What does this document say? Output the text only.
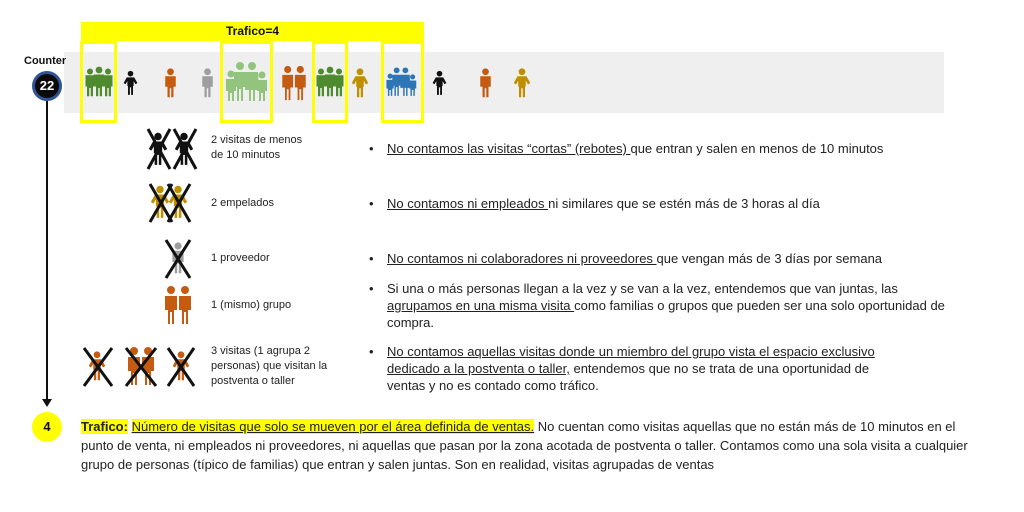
Trafico=4
Counter
22
4
2 visitas de menos
de 10 minutos
2 empelados
1 proveedor
1 (mismo) grupo
3 visitas (1 agrupa 2
personas) que visitan la
postventa o taller
• No contamos las visitas “cortas” (rebotes) que entran y salen en menos de 10 minutos
• No contamos ni empleados ni similares que se estén más de 3 horas al día
• No contamos ni colaboradores ni proveedores que vengan más de 3 días por semana
• Si una o más personas llegan a la vez y se van a la vez, entendemos que van juntas, las agrupamos en una misma visita como familias o grupos que pueden ser una solo oportunidad de compra.
• No contamos aquellas visitas donde un miembro del grupo vista el espacio exclusivo dedicado a la postventa o taller, entendemos que no se trata de una oportunidad de ventas y no es contado como tráfico.
Trafico: Número de visitas que solo se mueven por el área definida de ventas. No cuentan como visitas aquellas que no están más de 10 minutos en el punto de venta, ni empleados ni proveedores, ni aquellas que pasan por la zona acotada de postventa o taller. Contamos como una sola visita a cualquier grupo de personas (típico de familias) que entran y salen juntas. Son en realidad, visitas agrupadas de ventas
